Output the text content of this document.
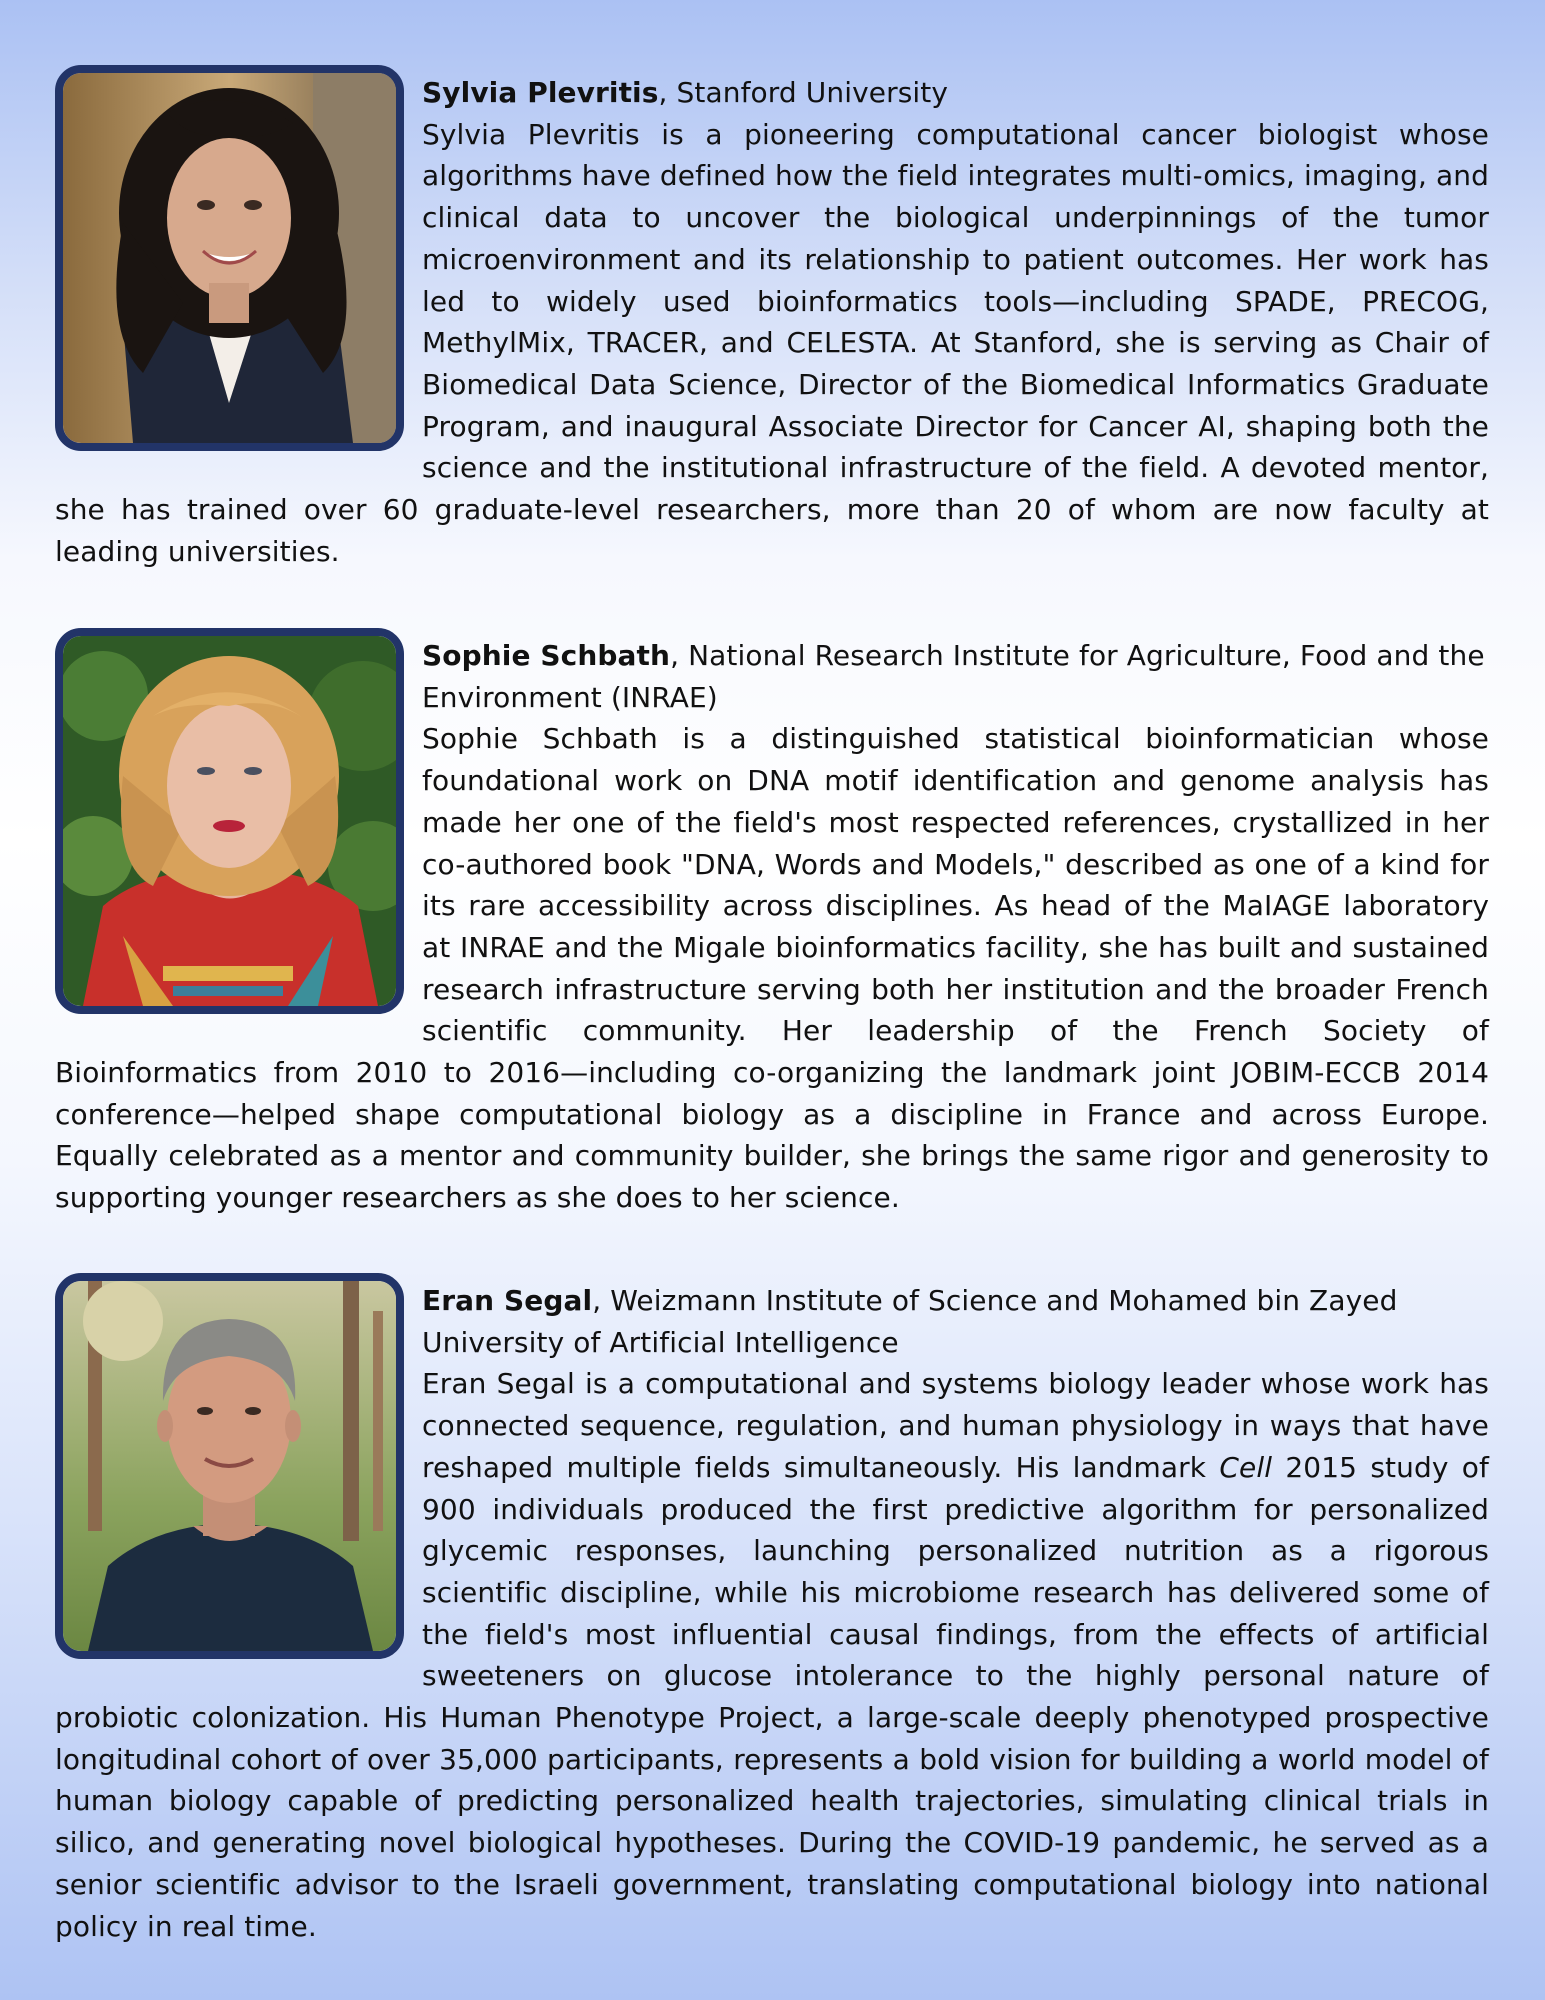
Sylvia Plevritis, Stanford University

Sylvia Plevritis is a pioneering computational cancer biologist whose algorithms have defined how the field integrates multi-omics, imaging, and clinical data to uncover the biological underpinnings of the tumor microenvironment and its relationship to patient outcomes. Her work has led to widely used bioinformatics tools—including SPADE, PRECOG, MethylMix, TRACER, and CELESTA. At Stanford, she is serving as Chair of Biomedical Data Science, Director of the Biomedical Informatics Graduate Program, and inaugural Associate Director for Cancer AI, shaping both the science and the institutional infrastructure of the field. A devoted mentor, she has trained over 60 graduate-level researchers, more than 20 of whom are now faculty at leading universities.

Sophie Schbath, National Research Institute for Agriculture, Food and the Environment (INRAE)

Sophie Schbath is a distinguished statistical bioinformatician whose foundational work on DNA motif identification and genome analysis has made her one of the field's most respected references, crystallized in her co-authored book "DNA, Words and Models," described as one of a kind for its rare accessibility across disciplines. As head of the MaIAGE laboratory at INRAE and the Migale bioinformatics facility, she has built and sustained research infrastructure serving both her institution and the broader French scientific community. Her leadership of the French Society of Bioinformatics from 2010 to 2016—including co-organizing the landmark joint JOBIM-ECCB 2014 conference—helped shape computational biology as a discipline in France and across Europe. Equally celebrated as a mentor and community builder, she brings the same rigor and generosity to supporting younger researchers as she does to her science.

Eran Segal, Weizmann Institute of Science and Mohamed bin Zayed University of Artificial Intelligence

Eran Segal is a computational and systems biology leader whose work has connected sequence, regulation, and human physiology in ways that have reshaped multiple fields simultaneously. His landmark Cell 2015 study of 900 individuals produced the first predictive algorithm for personalized glycemic responses, launching personalized nutrition as a rigorous scientific discipline, while his microbiome research has delivered some of the field's most influential causal findings, from the effects of artificial sweeteners on glucose intolerance to the highly personal nature of probiotic colonization. His Human Phenotype Project, a large-scale deeply phenotyped prospective longitudinal cohort of over 35,000 participants, represents a bold vision for building a world model of human biology capable of predicting personalized health trajectories, simulating clinical trials in silico, and generating novel biological hypotheses. During the COVID-19 pandemic, he served as a senior scientific advisor to the Israeli government, translating computational biology into national policy in real time.
